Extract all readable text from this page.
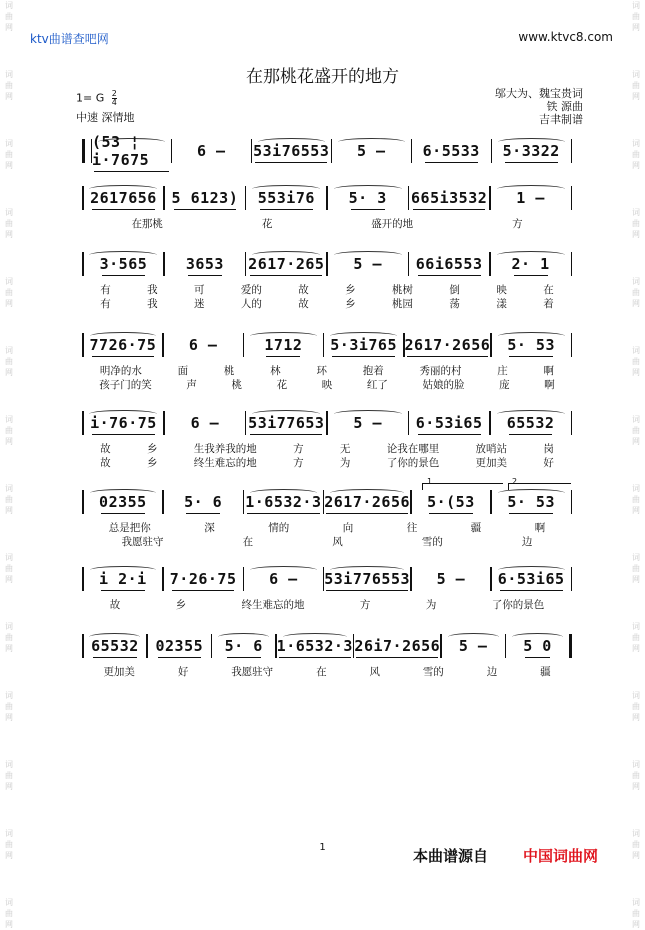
词
曲
网
词
曲
网
词
曲
网
词
曲
网
词
曲
网
词
曲
网
词
曲
网
词
曲
网
词
曲
网
词
曲
网
词
曲
网
词
曲
网
词
曲
网
词
曲
网
词
曲
网
词
曲
网
词
曲
网
词
曲
网
词
曲
网
词
曲
网
词
曲
网
词
曲
网
词
曲
网
词
曲
网
词
曲
网
词
曲
网
词
曲
网
词
曲
网
ktv曲谱查吧网	www.ktvc8.com
在那桃花盛开的地方
1= G $\frac{2}{4}$
中速 深情地
邬大为、魏宝贵词
铁 源曲
吉聿制谱
(53 ¦ i·7675	6 – 53i76553 5 – 6·5533 5·3322
2617656 5 6123) 553i76 5· 3 665i3532 1 –
在那桃	花	盛开的地	方
3·565	3653 2617·265 5 – 66i6553 2· 1
有	我	可	爱的	故	乡	桃树	倒	映	在
有	我	迷	人的	故	乡	桃园	荡	漾	着
7726·75 6 –	1712 5·3i765 2617·2656 5· 53
明净的水	面	桃	林	环	抱着	秀丽的村	庄	啊
孩子门的笑	声	桃	花	映	红了	姑娘的脸	庞	啊
i·76·75 6 – 53i77653 5 – 6·53i65 65532
故	乡	生我养我的地	方	无	论我在哪里	放哨站	岗
故	乡	终生难忘的地	方	为	了你的景色	更加美	好
02355 5· 6 1·6532·3 2617·2656 5·(53 5· 53
1.	2.
总是把你	深	情的	向	往	疆	啊
我愿驻守	在	风	雪的	边
i 2·i 7·26·75 6 – 53i776553 5 – 6·53i65
故	乡	终生难忘的地	方	为	了你的景色
65532 02355 5· 6 1·6532·3 26i7·2656 5 – 5 0
更加美	好	我愿驻守	在	风	雪的	边	疆
1	本曲谱源自 中国词曲网
